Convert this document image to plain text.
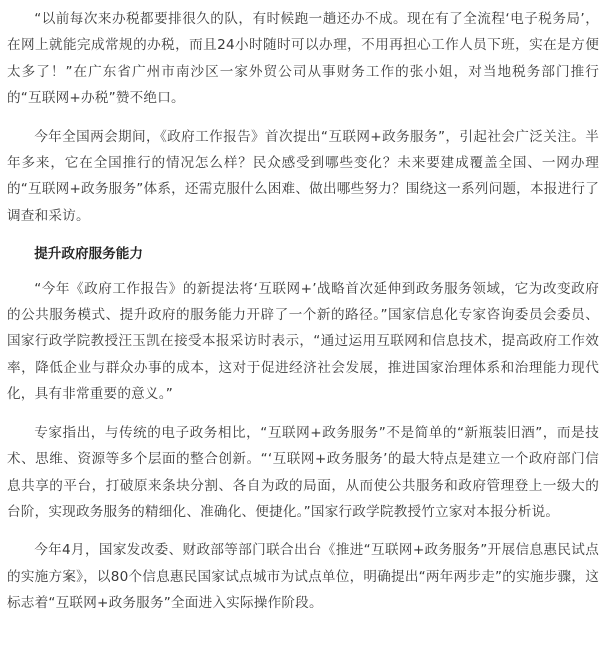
“以前每次来办税都要排很久的队，有时候跑一趟还办不成。现在有了全流程‘电子税务局’，在网上就能完成常规的办税，而且24小时随时可以办理，不用再担心工作人员下班，实在是方便太多了！”在广东省广州市南沙区一家外贸公司从事财务工作的张小姐，对当地税务部门推行的“互联网+办税”赞不绝口。

今年全国两会期间，《政府工作报告》首次提出“互联网+政务服务”，引起社会广泛关注。半年多来，它在全国推行的情况怎么样？民众感受到哪些变化？未来要建成覆盖全国、一网办理的“互联网+政务服务”体系，还需克服什么困难、做出哪些努力？围绕这一系列问题，本报进行了调查和采访。

提升政府服务能力

“今年《政府工作报告》的新提法将‘互联网+’战略首次延伸到政务服务领域，它为改变政府的公共服务模式、提升政府的服务能力开辟了一个新的路径。”国家信息化专家咨询委员会委员、国家行政学院教授汪玉凯在接受本报采访时表示，“通过运用互联网和信息技术，提高政府工作效率，降低企业与群众办事的成本，这对于促进经济社会发展，推进国家治理体系和治理能力现代化，具有非常重要的意义。”

专家指出，与传统的电子政务相比，“互联网+政务服务”不是简单的“新瓶装旧酒”，而是技术、思维、资源等多个层面的整合创新。“‘互联网+政务服务’的最大特点是建立一个政府部门信息共享的平台，打破原来条块分割、各自为政的局面，从而使公共服务和政府管理登上一级大的台阶，实现政务服务的精细化、准确化、便捷化。”国家行政学院教授竹立家对本报分析说。

今年4月，国家发改委、财政部等部门联合出台《推进“互联网+政务服务”开展信息惠民试点的实施方案》，以80个信息惠民国家试点城市为试点单位，明确提出“两年两步走”的实施步骤，这标志着“互联网+政务服务”全面进入实际操作阶段。
